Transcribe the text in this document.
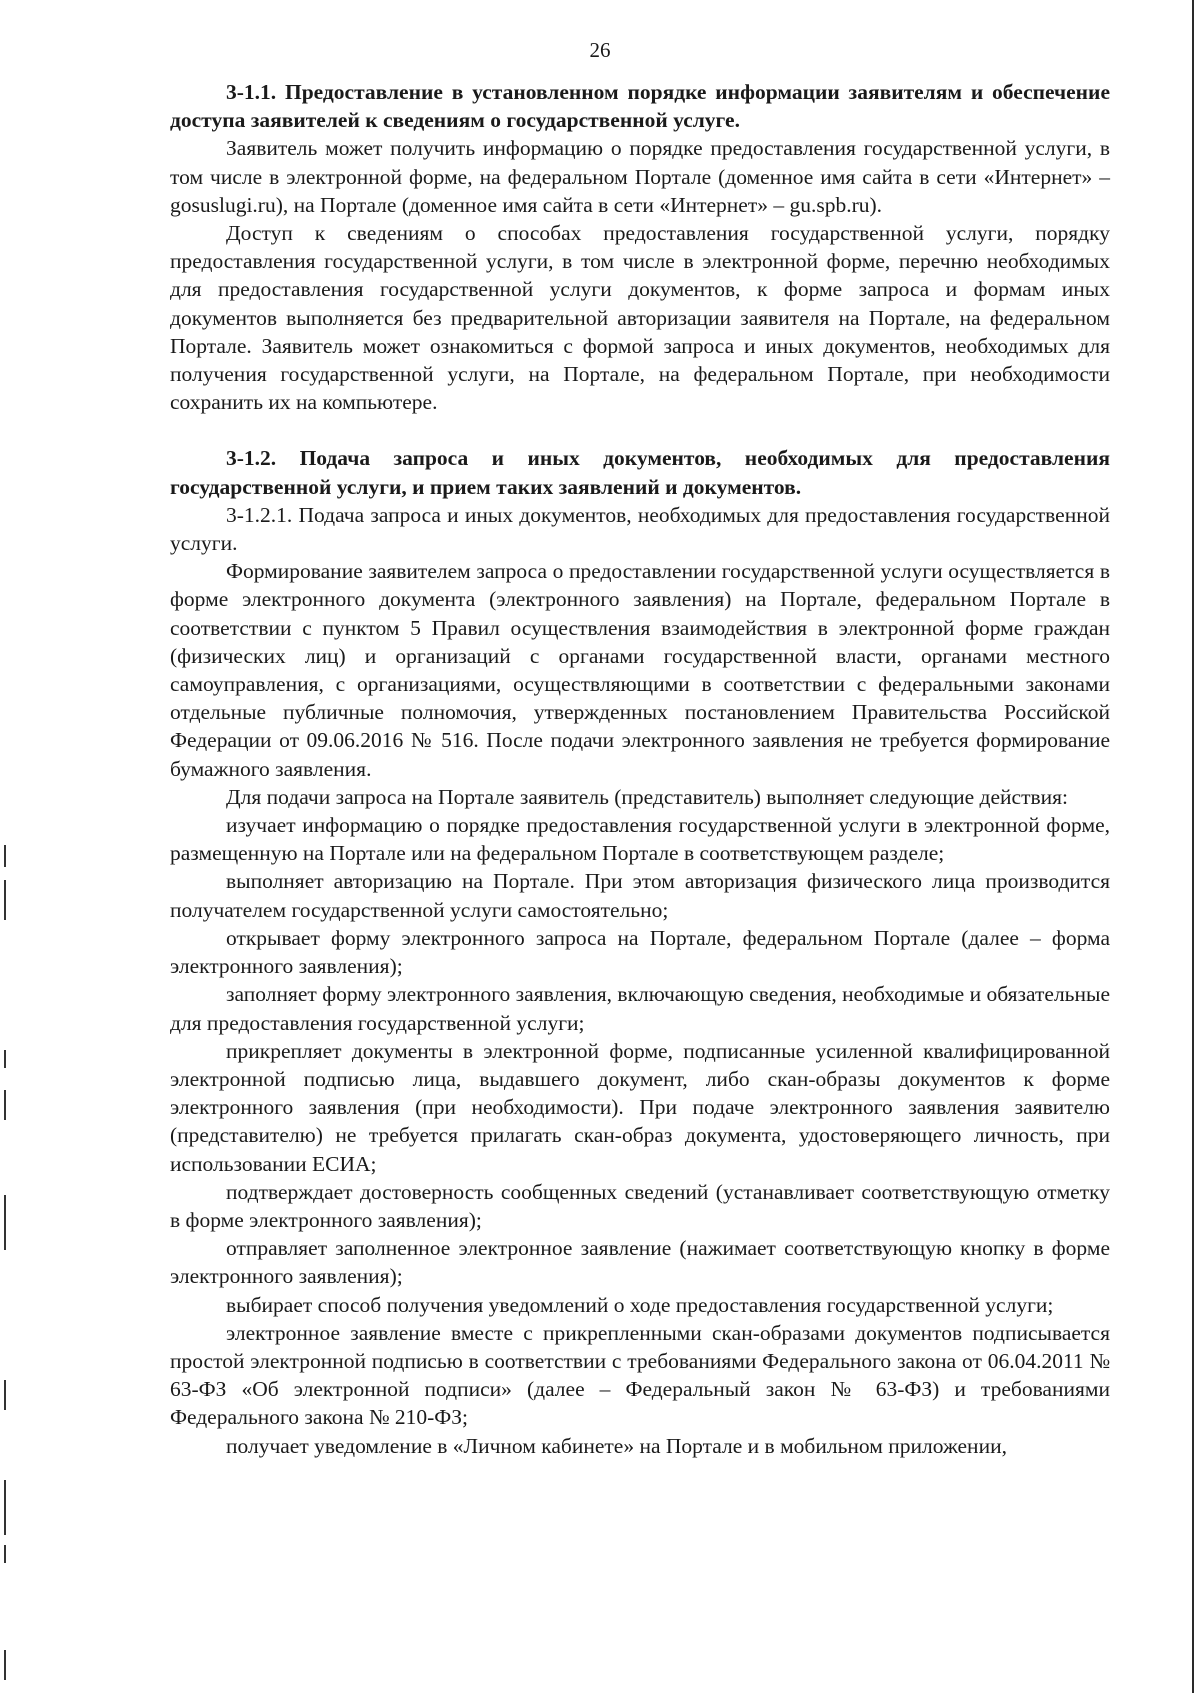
26

3-1.1. Предоставление в установленном порядке информации заявителям и обеспечение доступа заявителей к сведениям о государственной услуге.

Заявитель может получить информацию о порядке предоставления государственной услуги, в том числе в электронной форме, на федеральном Портале (доменное имя сайта в сети «Интернет» – gosuslugi.ru), на Портале (доменное имя сайта в сети «Интернет» – gu.spb.ru).

Доступ к сведениям о способах предоставления государственной услуги, порядку предоставления государственной услуги, в том числе в электронной форме, перечню необходимых для предоставления государственной услуги документов, к форме запроса и формам иных документов выполняется без предварительной авторизации заявителя на Портале, на федеральном Портале. Заявитель может ознакомиться с формой запроса и иных документов, необходимых для получения государственной услуги, на Портале, на федеральном Портале, при необходимости сохранить их на компьютере.

3-1.2. Подача запроса и иных документов, необходимых для предоставления государственной услуги, и прием таких заявлений и документов.

3-1.2.1. Подача запроса и иных документов, необходимых для предоставления государственной услуги.

Формирование заявителем запроса о предоставлении государственной услуги осуществляется в форме электронного документа (электронного заявления) на Портале, федеральном Портале в соответствии с пунктом 5 Правил осуществления взаимодействия в электронной форме граждан (физических лиц) и организаций с органами государственной власти, органами местного самоуправления, с организациями, осуществляющими в соответствии с федеральными законами отдельные публичные полномочия, утвержденных постановлением Правительства Российской Федерации от 09.06.2016 № 516. После подачи электронного заявления не требуется формирование бумажного заявления.

Для подачи запроса на Портале заявитель (представитель) выполняет следующие действия:

изучает информацию о порядке предоставления государственной услуги в электронной форме, размещенную на Портале или на федеральном Портале в соответствующем разделе;

выполняет авторизацию на Портале. При этом авторизация физического лица производится получателем государственной услуги самостоятельно;

открывает форму электронного запроса на Портале, федеральном Портале (далее – форма электронного заявления);

заполняет форму электронного заявления, включающую сведения, необходимые и обязательные для предоставления государственной услуги;

прикрепляет документы в электронной форме, подписанные усиленной квалифицированной электронной подписью лица, выдавшего документ, либо скан-образы документов к форме электронного заявления (при необходимости). При подаче электронного заявления заявителю (представителю) не требуется прилагать скан-образ документа, удостоверяющего личность, при использовании ЕСИА;

подтверждает достоверность сообщенных сведений (устанавливает соответствующую отметку в форме электронного заявления);

отправляет заполненное электронное заявление (нажимает соответствующую кнопку в форме электронного заявления);

выбирает способ получения уведомлений о ходе предоставления государственной услуги;

электронное заявление вместе с прикрепленными скан-образами документов подписывается простой электронной подписью в соответствии с требованиями Федерального закона от 06.04.2011 № 63-ФЗ «Об электронной подписи» (далее – Федеральный закон № 63-ФЗ) и требованиями Федерального закона № 210-ФЗ;

получает уведомление в «Личном кабинете» на Портале и в мобильном приложении,
